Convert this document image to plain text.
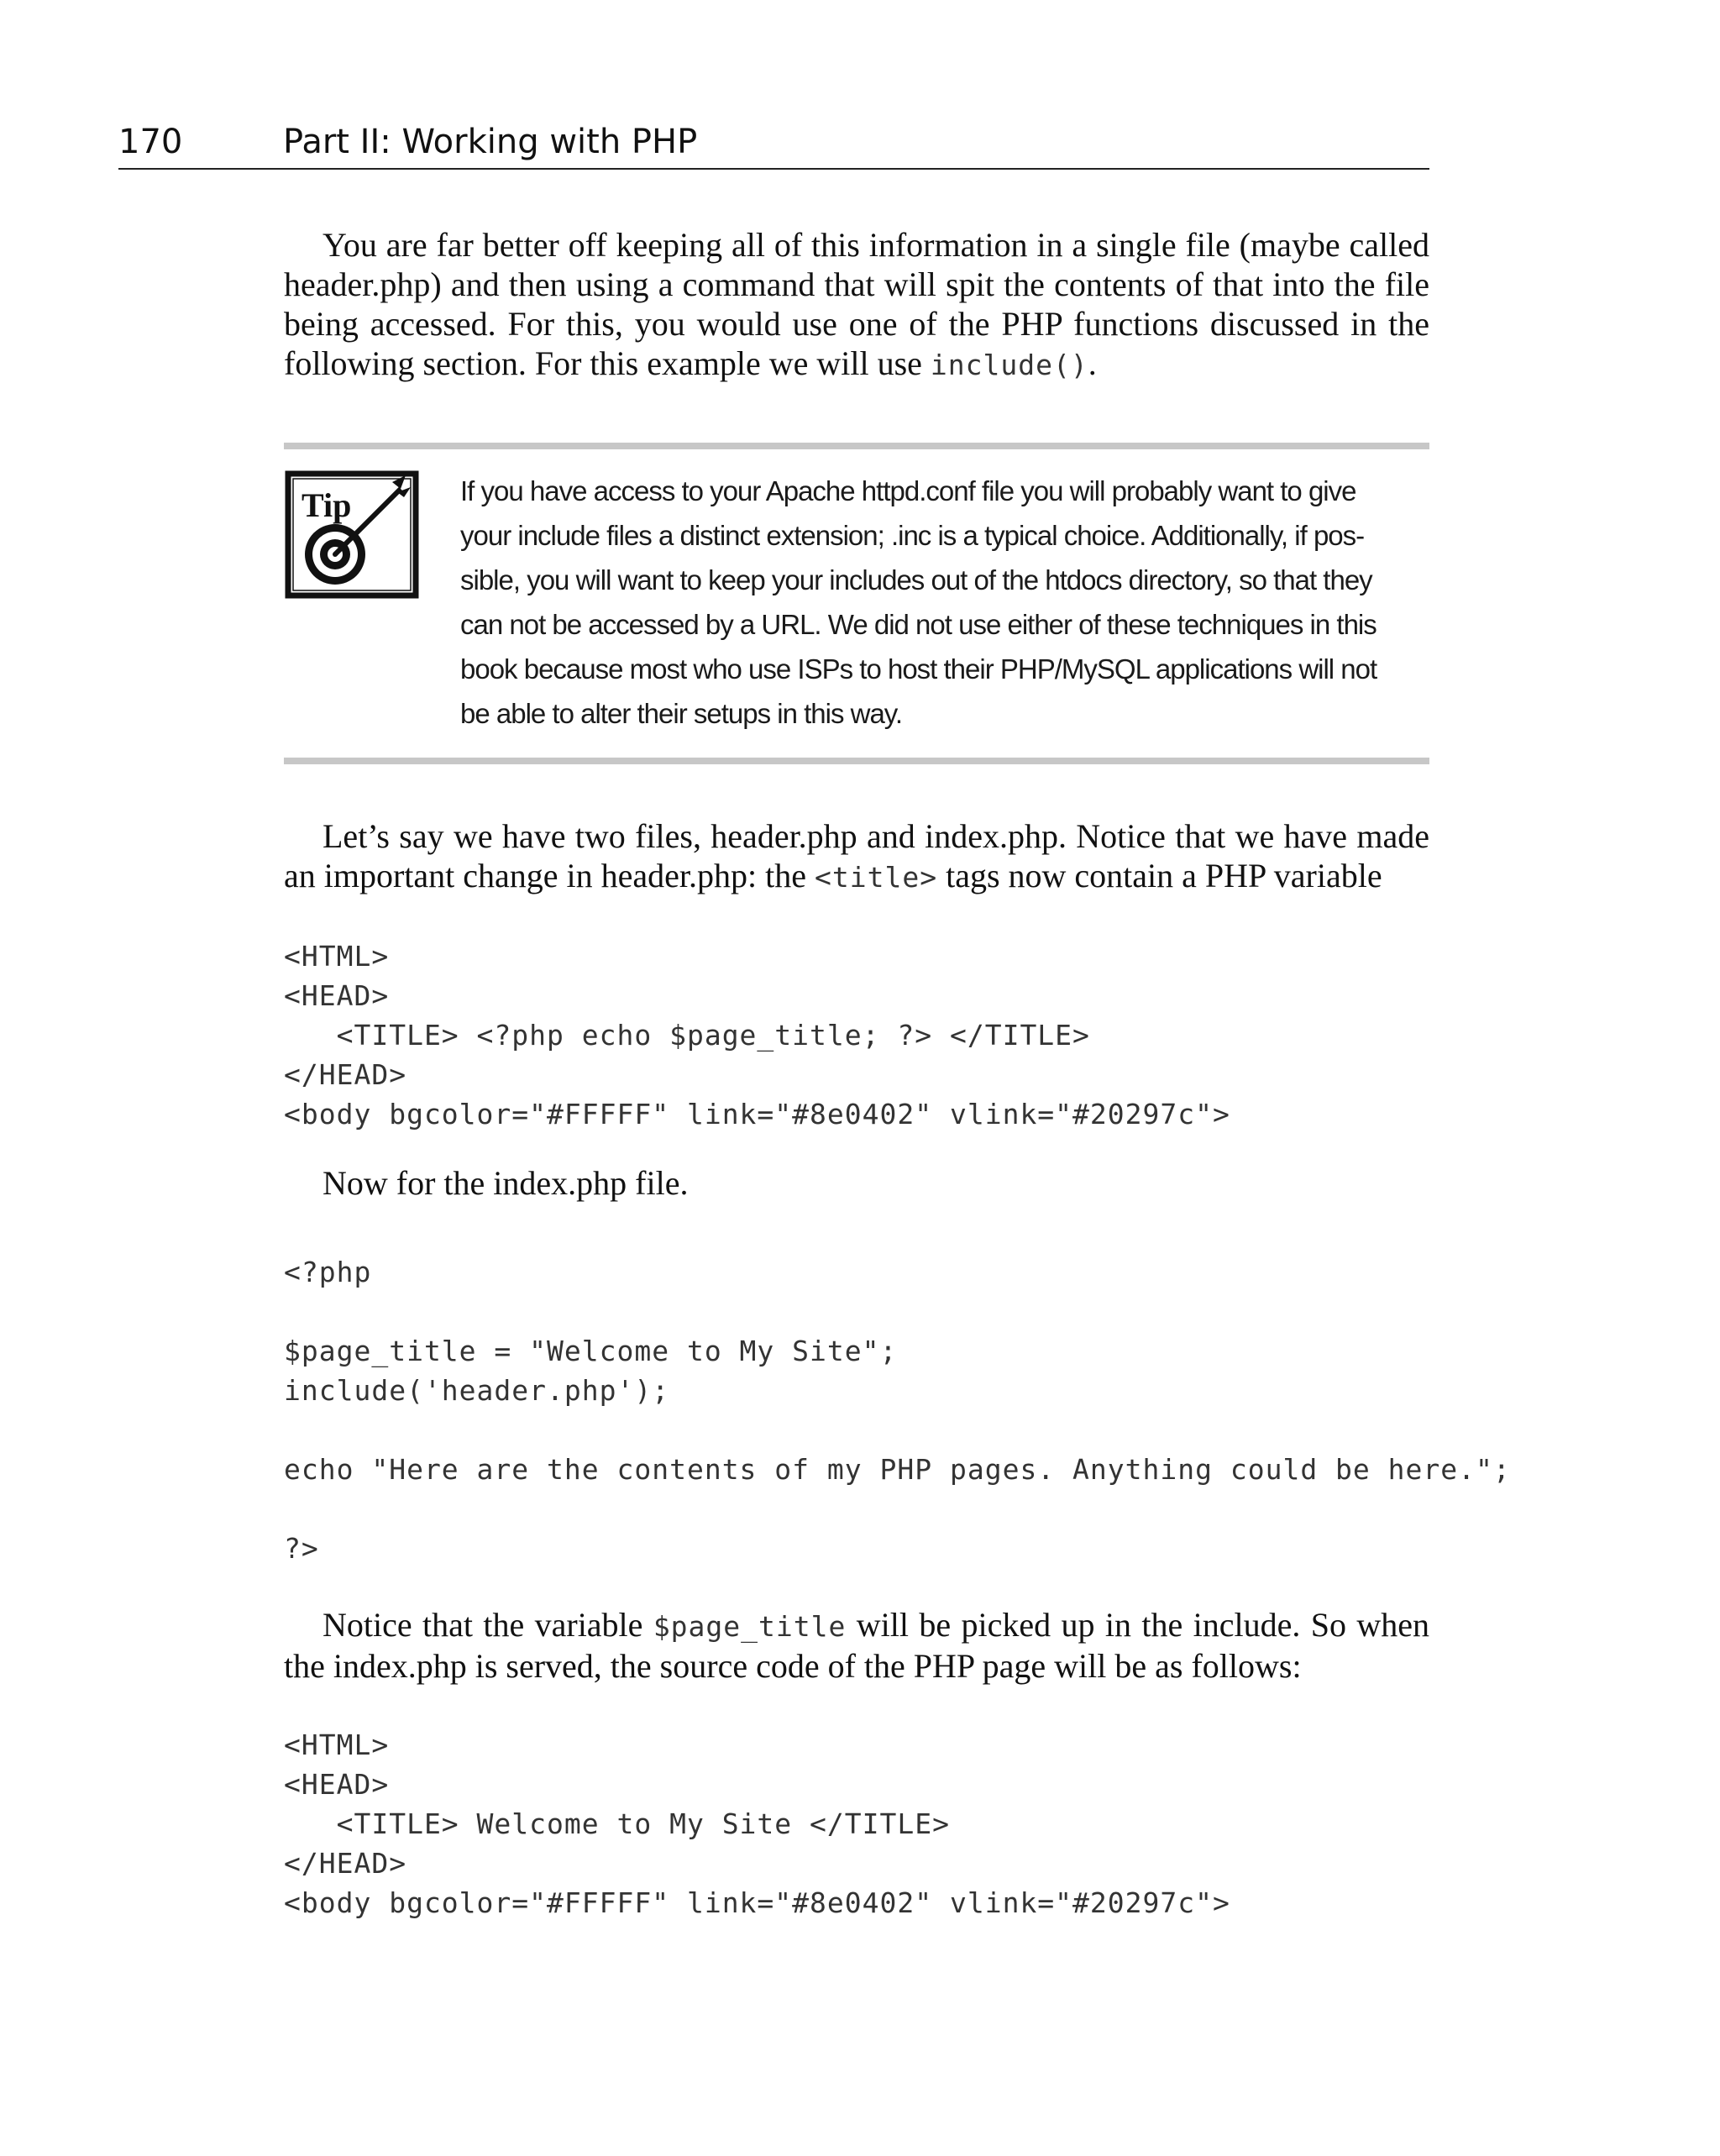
170	Part II: Working with PHP

You are far better off keeping all of this information in a single file (maybe called header.php) and then using a command that will spit the contents of that into the file being accessed. For this, you would use one of the PHP functions discussed in the following section. For this example we will use include().

Tip	If you have access to your Apache httpd.conf file you will probably want to give your include files a distinct extension; .inc is a typical choice. Additionally, if possible, you will want to keep your includes out of the htdocs directory, so that they can not be accessed by a URL. We did not use either of these techniques in this book because most who use ISPs to host their PHP/MySQL applications will not be able to alter their setups in this way.

Let’s say we have two files, header.php and index.php. Notice that we have made an important change in header.php: the <title> tags now contain a PHP variable

<HTML>
<HEAD>
<TITLE> <?php echo $page_title; ?> </TITLE>
</HEAD>
<body bgcolor="#FFFFF" link="#8e0402" vlink="#20297c">

Now for the index.php file.

<?php
$page_title = "Welcome to My Site";
include('header.php');
echo "Here are the contents of my PHP pages. Anything could be here.";
?>

Notice that the variable $page_title will be picked up in the include. So when the index.php is served, the source code of the PHP page will be as follows:

<HTML>
<HEAD>
<TITLE> Welcome to My Site </TITLE>
</HEAD>
<body bgcolor="#FFFFF" link="#8e0402" vlink="#20297c">
